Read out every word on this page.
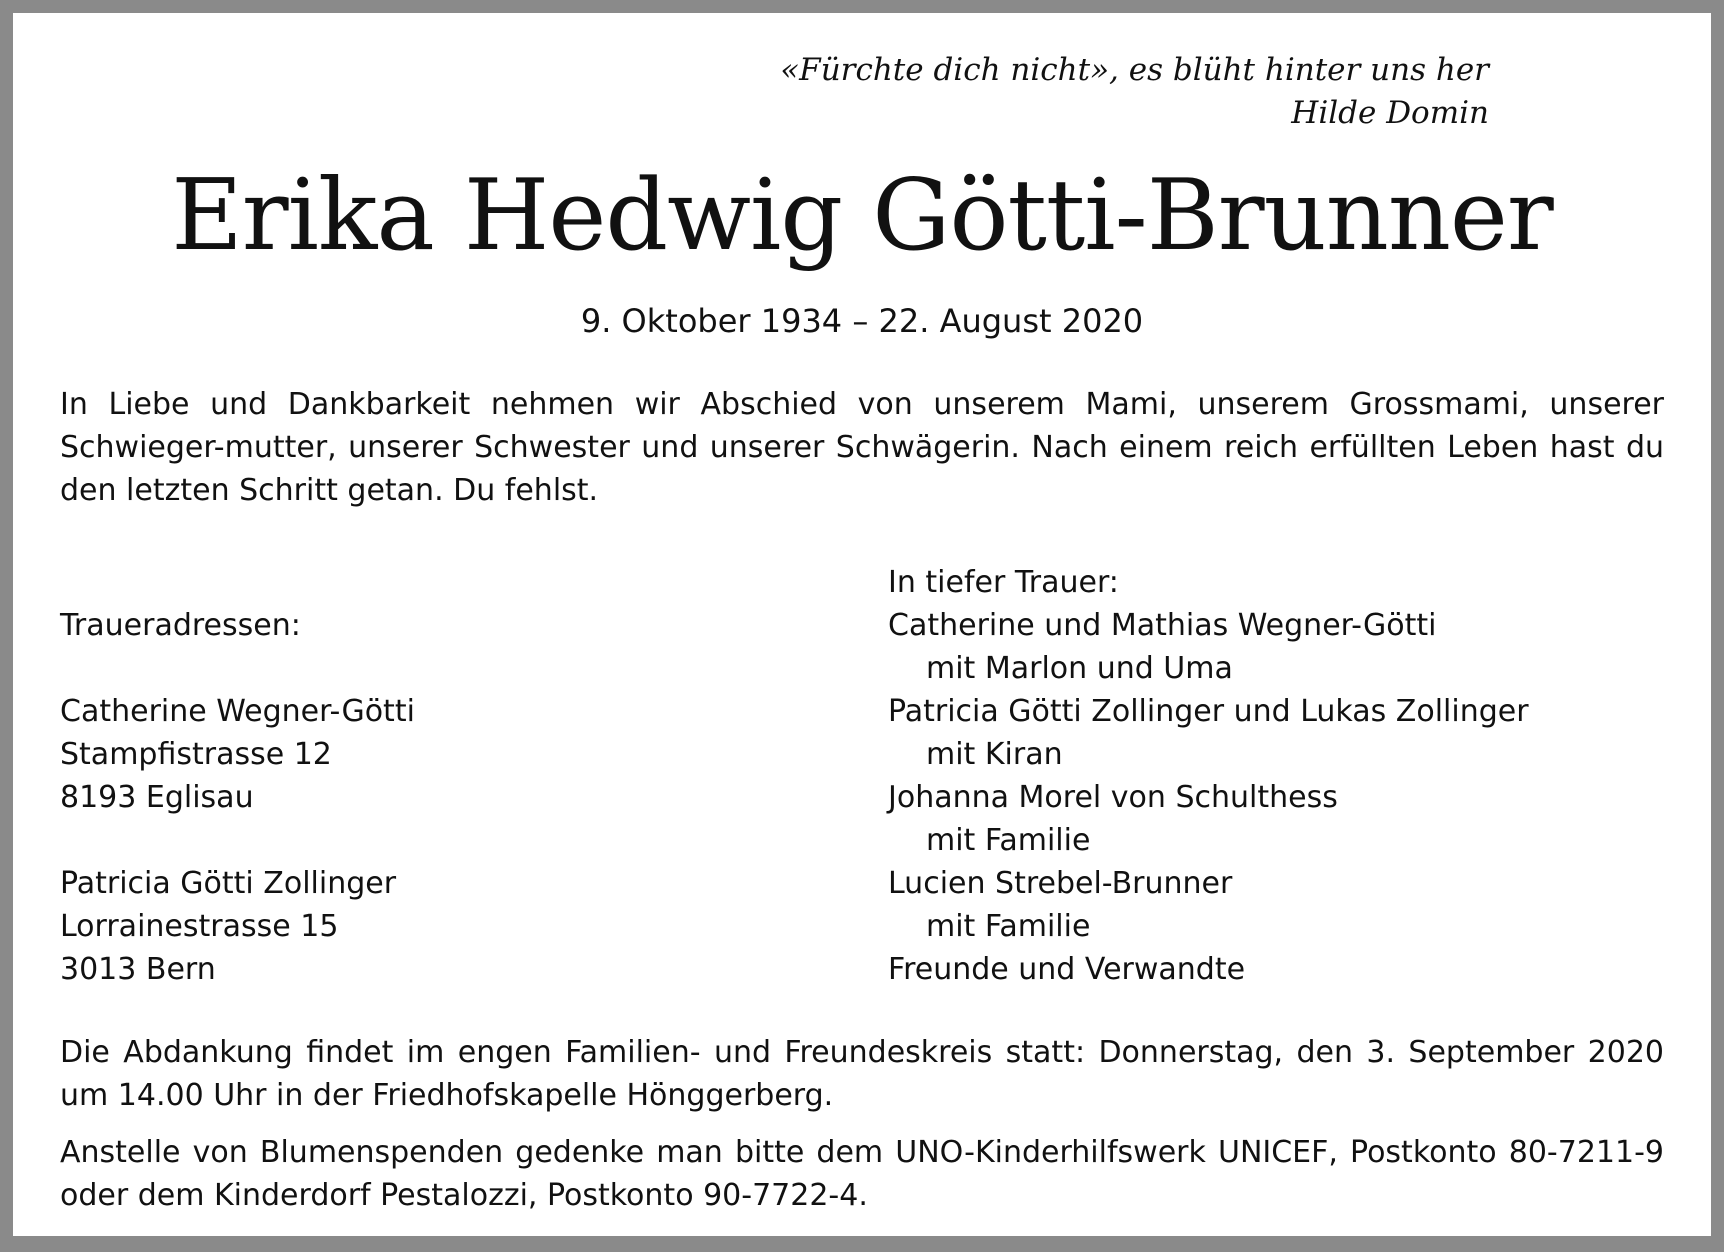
«Fürchte dich nicht», es blüht hinter uns her
Hilde Domin
Erika Hedwig Götti-Brunner
9. Oktober 1934 – 22. August 2020

In Liebe und Dankbarkeit nehmen wir Abschied von unserem Mami, unserem Grossmami, unserer Schwieger-mutter, unserer Schwester und unserer Schwägerin. Nach einem reich erfüllten Leben hast du den letzten Schritt getan. Du fehlst.

Traueradressen:
Catherine Wegner-Götti
Stampfistrasse 12
8193 Eglisau
Patricia Götti Zollinger
Lorrainestrasse 15
3013 Bern
In tiefer Trauer:
Catherine und Mathias Wegner-Götti
mit Marlon und Uma
Patricia Götti Zollinger und Lukas Zollinger
mit Kiran
Johanna Morel von Schulthess
mit Familie
Lucien Strebel-Brunner
mit Familie
Freunde und Verwandte

Die Abdankung findet im engen Familien- und Freundeskreis statt: Donnerstag, den 3. September 2020 um 14.00 Uhr in der Friedhofskapelle Hönggerberg.

Anstelle von Blumenspenden gedenke man bitte dem UNO-Kinderhilfswerk UNICEF, Postkonto 80-7211-9 oder dem Kinderdorf Pestalozzi, Postkonto 90-7722-4.
